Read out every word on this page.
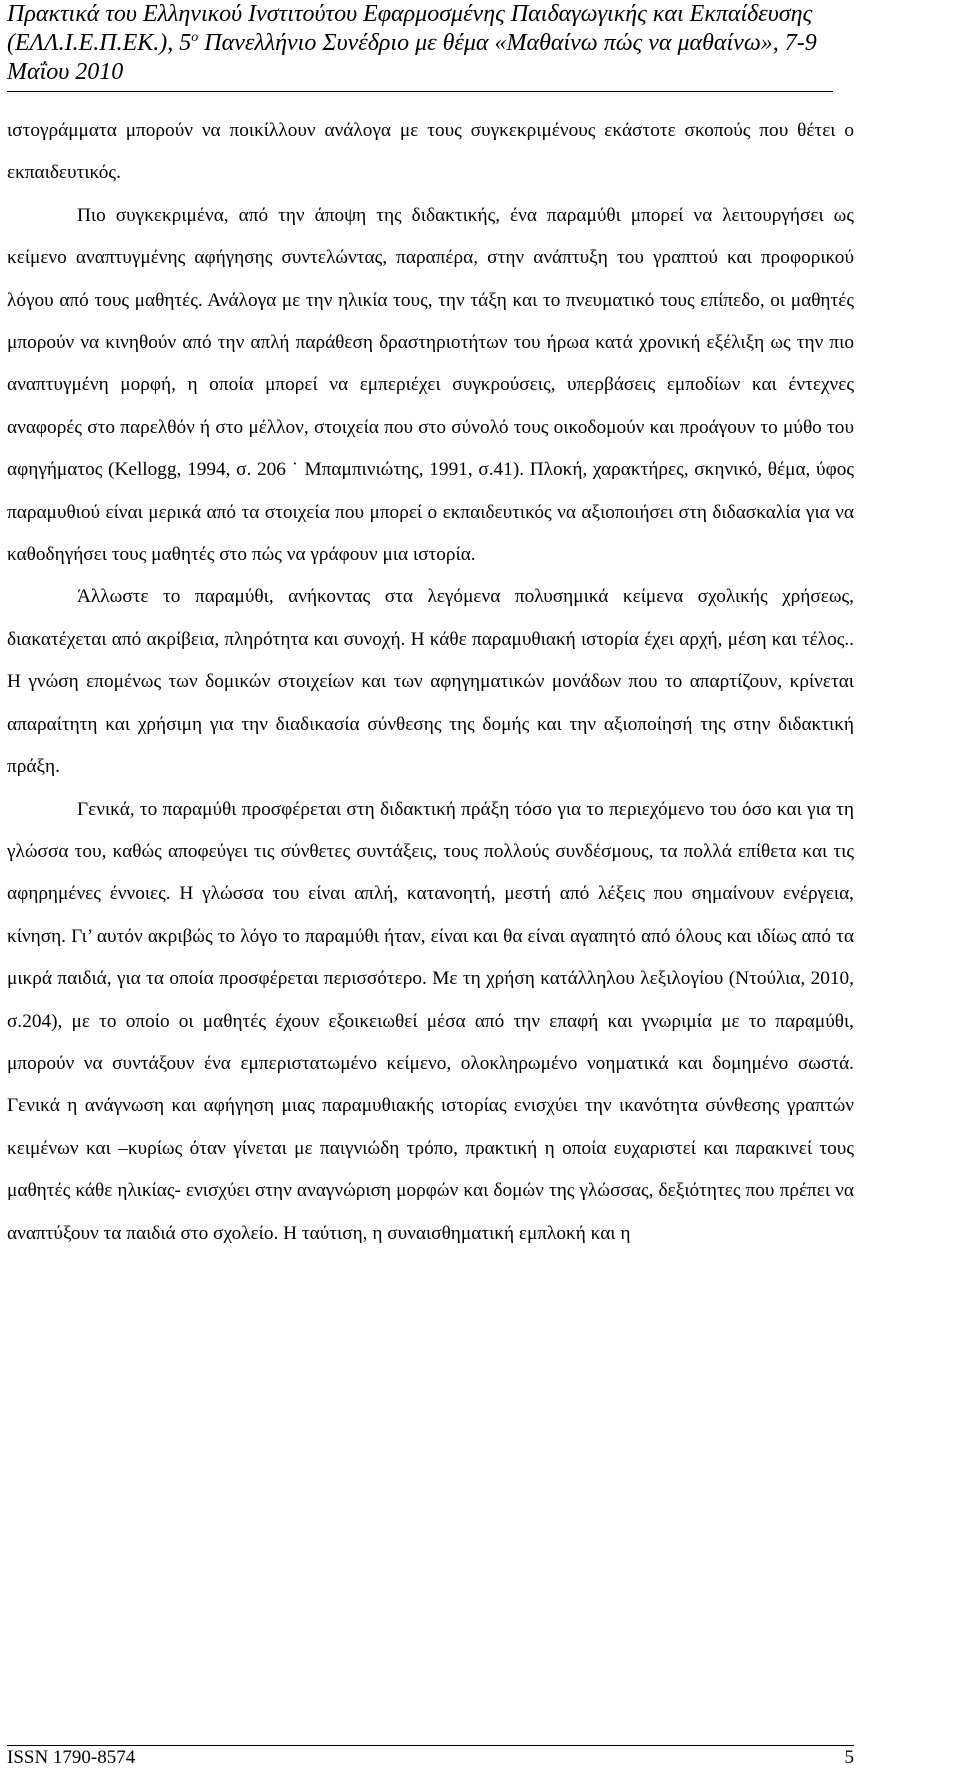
Πρακτικά του Ελληνικού Ινστιτούτου Εφαρμοσμένης Παιδαγωγικής και Εκπαίδευσης
(ΕΛΛ.Ι.Ε.Π.ΕΚ.), $5^o$ Πανελλήνιο Συνέδριο με θέμα «Μαθαίνω πώς να μαθαίνω», 7-9
Μαΐου 2010

ιστογράμματα μπορούν να ποικίλλουν ανάλογα με τους συγκεκριμένους εκάστοτε σκοπούς που θέτει ο εκπαιδευτικός.

Πιο συγκεκριμένα, από την άποψη της διδακτικής, ένα παραμύθι μπορεί να λειτουργήσει ως κείμενο αναπτυγμένης αφήγησης συντελώντας, παραπέρα, στην ανάπτυξη του γραπτού και προφορικού λόγου από τους μαθητές. Ανάλογα με την ηλικία τους, την τάξη και το πνευματικό τους επίπεδο, οι μαθητές μπορούν να κινηθούν από την απλή παράθεση δραστηριοτήτων του ήρωα κατά χρονική εξέλιξη ως την πιο αναπτυγμένη μορφή, η οποία μπορεί να εμπεριέχει συγκρούσεις, υπερβάσεις εμποδίων και έντεχνες αναφορές στο παρελθόν ή στο μέλλον, στοιχεία που στο σύνολό τους οικοδομούν και προάγουν το μύθο του αφηγήματος (Kellogg, 1994, σ. 206 ˙ Μπαμπινιώτης, 1991, σ.41). Πλοκή, χαρακτήρες, σκηνικό, θέμα, ύφος παραμυθιού είναι μερικά από τα στοιχεία που μπορεί ο εκπαιδευτικός να αξιοποιήσει στη διδασκαλία για να καθοδηγήσει τους μαθητές στο πώς να γράφουν μια ιστορία.

Άλλωστε το παραμύθι, ανήκοντας στα λεγόμενα πολυσημικά κείμενα σχολικής χρήσεως, διακατέχεται από ακρίβεια, πληρότητα και συνοχή. Η κάθε παραμυθιακή ιστορία έχει αρχή, μέση και τέλος.. Η γνώση επομένως των δομικών στοιχείων και των αφηγηματικών μονάδων που το απαρτίζουν, κρίνεται απαραίτητη και χρήσιμη για την διαδικασία σύνθεσης της δομής και την αξιοποίησή της στην διδακτική πράξη.

Γενικά, το παραμύθι προσφέρεται στη διδακτική πράξη τόσο για το περιεχόμενο του όσο και για τη γλώσσα του, καθώς αποφεύγει τις σύνθετες συντάξεις, τους πολλούς συνδέσμους, τα πολλά επίθετα και τις αφηρημένες έννοιες. Η γλώσσα του είναι απλή, κατανοητή, μεστή από λέξεις που σημαίνουν ενέργεια, κίνηση. Γι’ αυτόν ακριβώς το λόγο το παραμύθι ήταν, είναι και θα είναι αγαπητό από όλους και ιδίως από τα μικρά παιδιά, για τα οποία προσφέρεται περισσότερο. Με τη χρήση κατάλληλου λεξιλογίου (Ντούλια, 2010, σ.204), με το οποίο οι μαθητές έχουν εξοικειωθεί μέσα από την επαφή και γνωριμία με το παραμύθι, μπορούν να συντάξουν ένα εμπεριστατωμένο κείμενο, ολοκληρωμένο νοηματικά και δομημένο σωστά. Γενικά η ανάγνωση και αφήγηση μιας παραμυθιακής ιστορίας ενισχύει την ικανότητα σύνθεσης γραπτών κειμένων και –κυρίως όταν γίνεται με παιγνιώδη τρόπο, πρακτική η οποία ευχαριστεί και παρακινεί τους μαθητές κάθε ηλικίας- ενισχύει στην αναγνώριση μορφών και δομών της γλώσσας, δεξιότητες που πρέπει να αναπτύξουν τα παιδιά στο σχολείο. Η ταύτιση, η συναισθηματική εμπλοκή και η

ISSN 1790-8574	5
